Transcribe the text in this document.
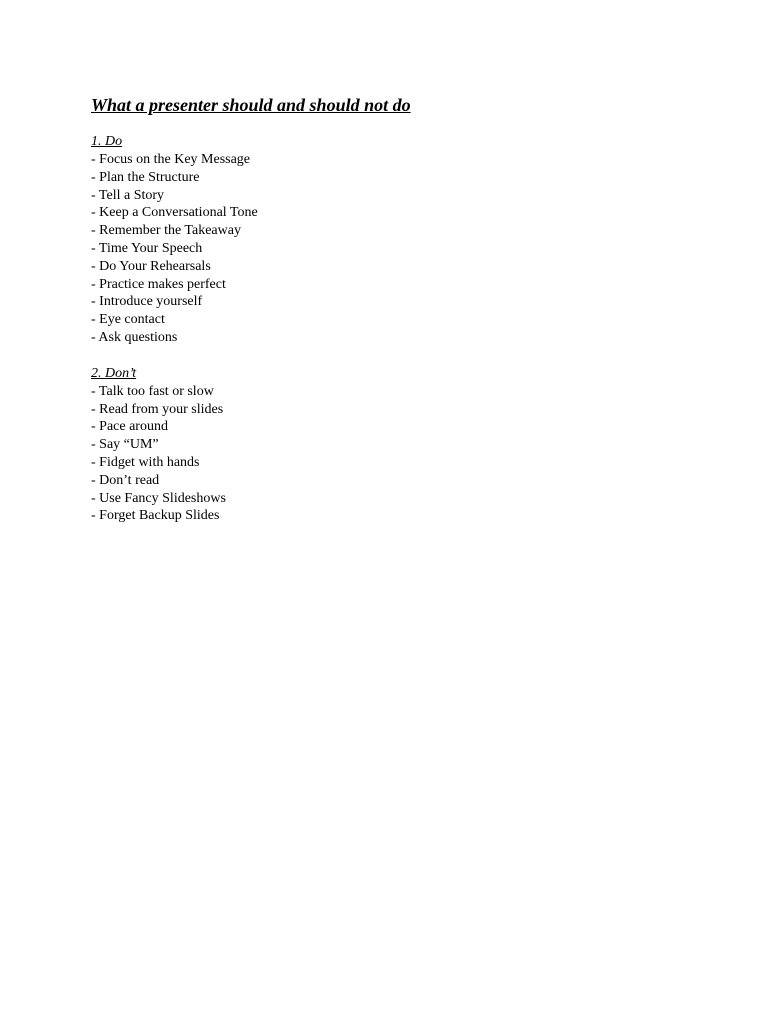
What a presenter should and should not do
1. Do
- Focus on the Key Message
- Plan the Structure
- Tell a Story
- Keep a Conversational Tone
- Remember the Takeaway
- Time Your Speech
- Do Your Rehearsals
- Practice makes perfect
- Introduce yourself
- Eye contact
- Ask questions
2. Don’t
- Talk too fast or slow
- Read from your slides
- Pace around
- Say “UM”
- Fidget with hands
- Don’t read
- Use Fancy Slideshows
- Forget Backup Slides
